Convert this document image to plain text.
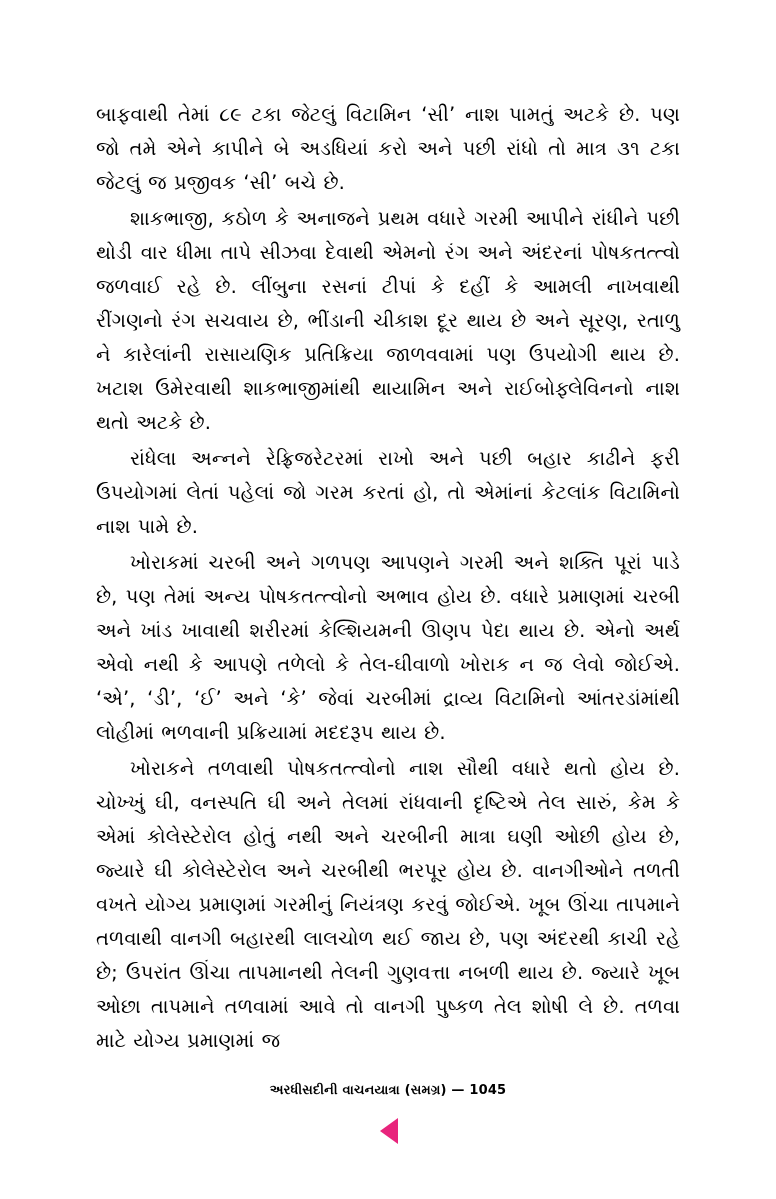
બાફવાથી તેમાં ૮૯ ટકા જેટલું વિટામિન ‘સી’ નાશ પામતું અટકે છે. પણ જો તમે એને કાપીને બે અડધિયાં કરો અને પછી રાંધો તો માત્ર ૩૧ ટકા જેટલું જ પ્રજીવક ‘સી’ બચે છે.

શાકભાજી, કઠોળ કે અનાજને પ્રથમ વધારે ગરમી આપીને રાંધીને પછી થોડી વાર ધીમા તાપે સીઝવા દેવાથી એમનો રંગ અને અંદરનાં પોષકતત્ત્વો જળવાઈ રહે છે. લીંબુના રસનાં ટીપાં કે દહીં કે આમલી નાખવાથી રીંગણનો રંગ સચવાય છે, ભીંડાની ચીકાશ દૂર થાય છે અને સૂરણ, રતાળુ ને કારેલાંની રાસાયણિક પ્રતિક્રિયા જાળવવામાં પણ ઉપયોગી થાય છે. ખટાશ ઉમેરવાથી શાકભાજીમાંથી થાયામિન અને રાઈબોફ્લેવિનનો નાશ થતો અટકે છે.

રાંધેલા અન્નને રેફ્રિજરેટરમાં રાખો અને પછી બહાર કાઢીને ફરી ઉપયોગમાં લેતાં પહેલાં જો ગરમ કરતાં હો, તો એમાંનાં કેટલાંક વિટામિનો નાશ પામે છે.

ખોરાકમાં ચરબી અને ગળપણ આપણને ગરમી અને શક્તિ પૂરાં પાડે છે, પણ તેમાં અન્ય પોષકતત્ત્વોનો અભાવ હોય છે. વધારે પ્રમાણમાં ચરબી અને ખાંડ ખાવાથી શરીરમાં કેલ્શિયમની ઊણપ પેદા થાય છે. એનો અર્થ એવો નથી કે આપણે તળેલો કે તેલ-ઘીવાળો ખોરાક ન જ લેવો જોઈએ. ‘એ’, ‘ડી’, ‘ઈ’ અને ‘કે’ જેવાં ચરબીમાં દ્રાવ્ય વિટામિનો આંતરડાંમાંથી લોહીમાં ભળવાની પ્રક્રિયામાં મદદરૂપ થાય છે.

ખોરાકને તળવાથી પોષકતત્ત્વોનો નાશ સૌથી વધારે થતો હોય છે. ચોખ્ખું ઘી, વનસ્પતિ ઘી અને તેલમાં રાંધવાની દૃષ્ટિએ તેલ સારું, કેમ કે એમાં કોલેસ્ટેરોલ હોતું નથી અને ચરબીની માત્રા ઘણી ઓછી હોય છે, જ્યારે ઘી કોલેસ્ટેરોલ અને ચરબીથી ભરપૂર હોય છે. વાનગીઓને તળતી વખતે યોગ્ય પ્રમાણમાં ગરમીનું નિયંત્રણ કરવું જોઈએ. ખૂબ ઊંચા તાપમાને તળવાથી વાનગી બહારથી લાલચોળ થઈ જાય છે, પણ અંદરથી કાચી રહે છે; ઉપરાંત ઊંચા તાપમાનથી તેલની ગુણવત્તા નબળી થાય છે. જ્યારે ખૂબ ઓછા તાપમાને તળવામાં આવે તો વાનગી પુષ્કળ તેલ શોષી લે છે. તળવા માટે યોગ્ય પ્રમાણમાં જ

અરધીસદીની વાચનયાત્રા (સમગ્ર) — 1045
